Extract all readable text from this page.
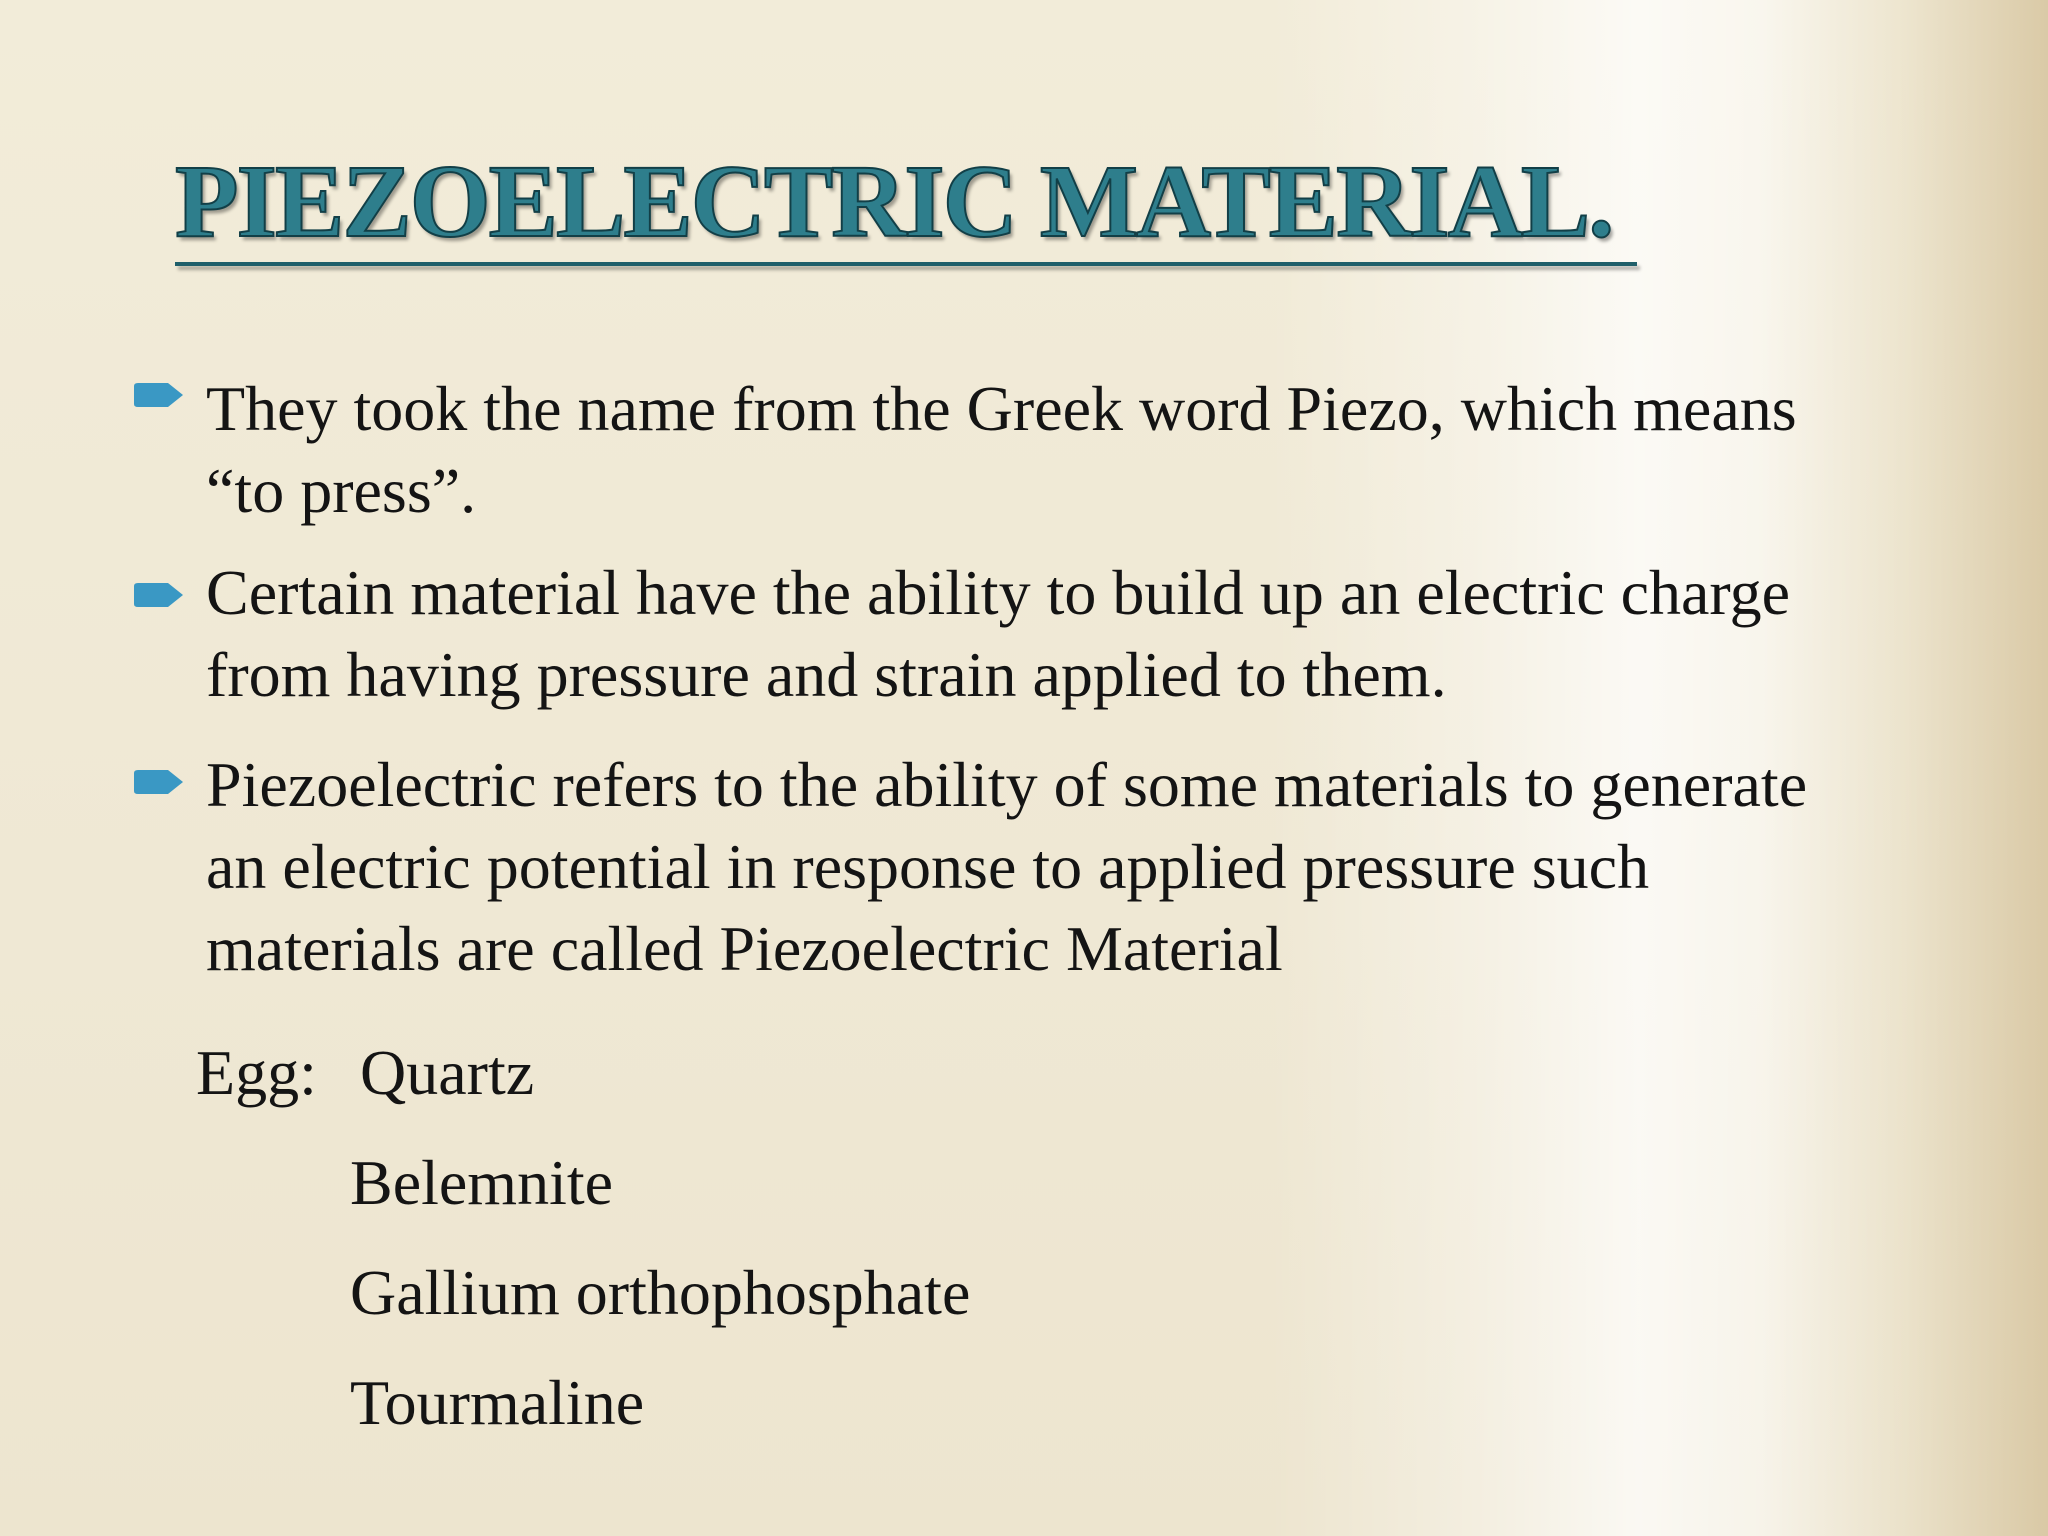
PIEZOELECTRIC MATERIAL.
They took the name from the Greek word Piezo, which means
“to press”.
Certain material have the ability to build up an electric charge
from having pressure and strain applied to them.
Piezoelectric refers to the ability of some materials to generate
an electric potential in response to applied pressure such
materials are called Piezoelectric Material
Egg: Quartz
Belemnite
Gallium orthophosphate
Tourmaline
